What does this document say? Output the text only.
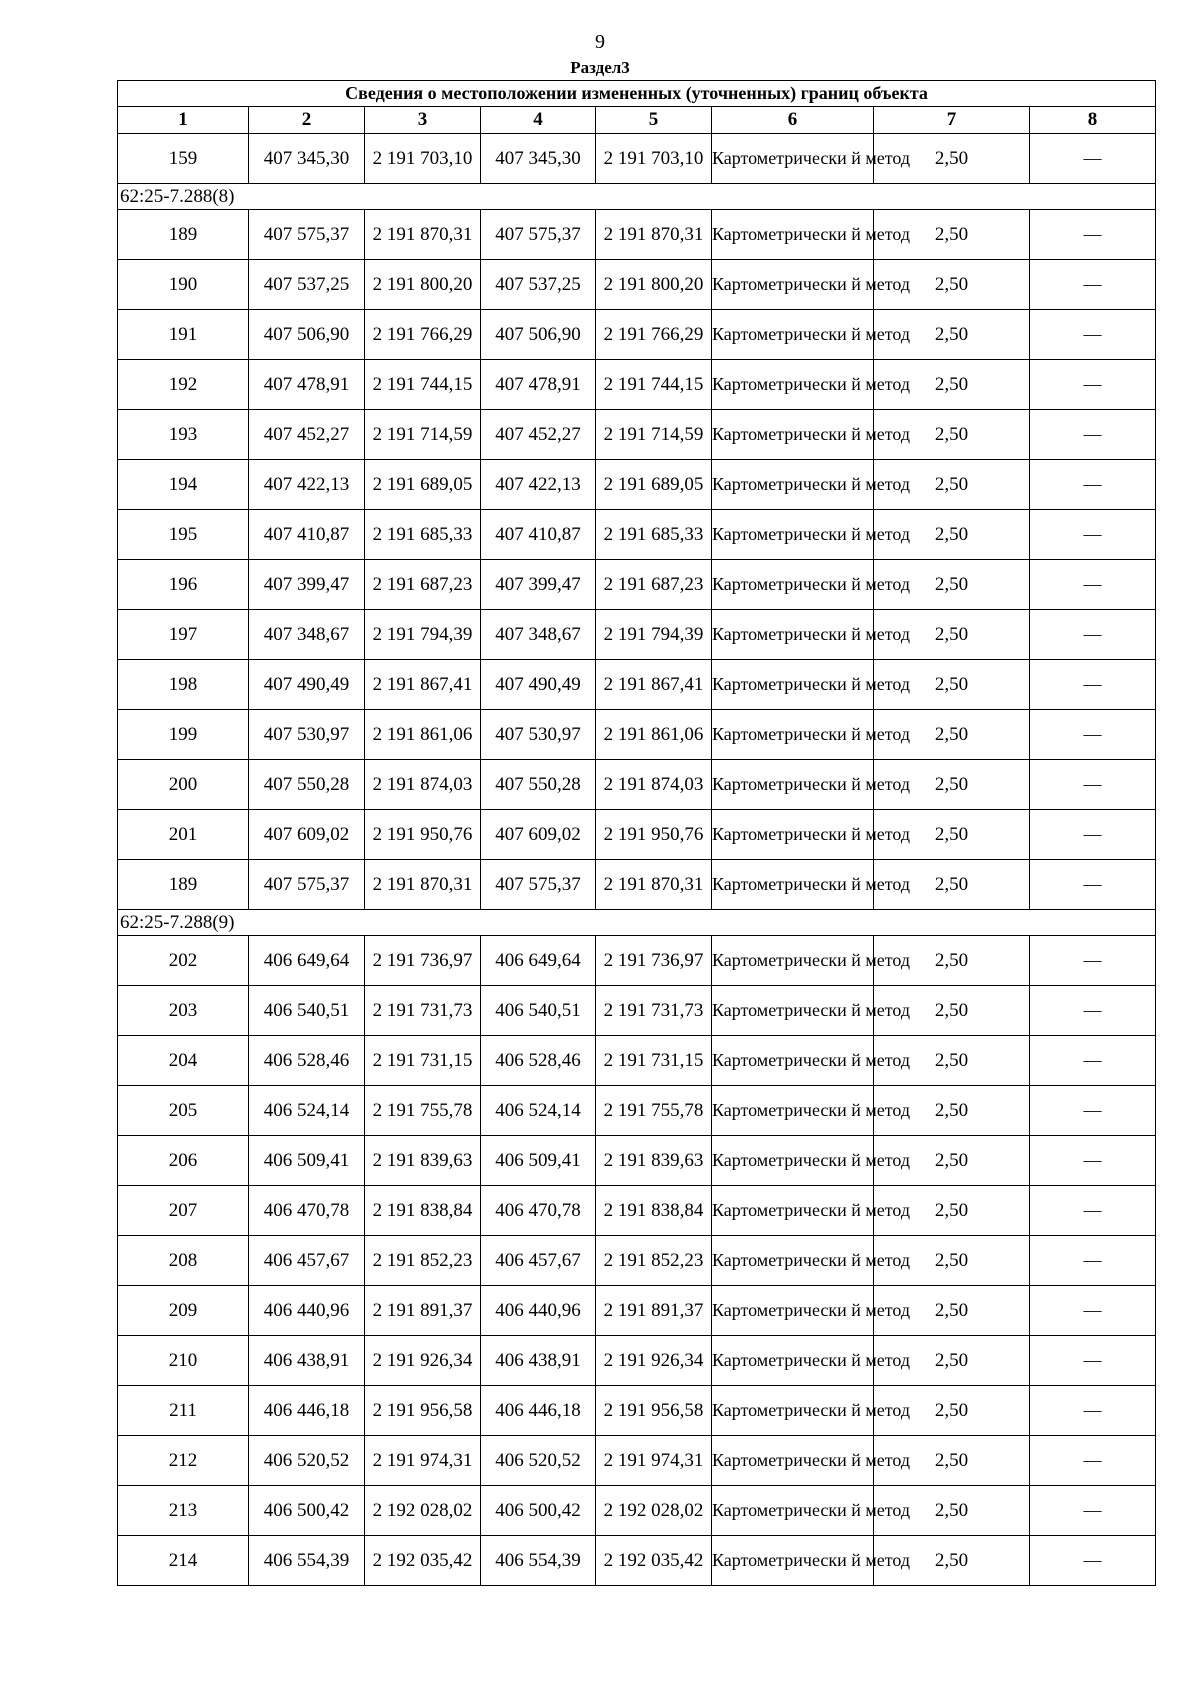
9
Раздел3
Сведения о местоположении измененных (уточненных) границ объекта							
1	2	3	4	5	6	7	8
159	407 345,30	2 191 703,10	407 345,30	2 191 703,10	Картометрически й метод	2,50	—
62:25-7.288(8)							
189	407 575,37	2 191 870,31	407 575,37	2 191 870,31	Картометрически й метод	2,50	—
190	407 537,25	2 191 800,20	407 537,25	2 191 800,20	Картометрически й метод	2,50	—
191	407 506,90	2 191 766,29	407 506,90	2 191 766,29	Картометрически й метод	2,50	—
192	407 478,91	2 191 744,15	407 478,91	2 191 744,15	Картометрически й метод	2,50	—
193	407 452,27	2 191 714,59	407 452,27	2 191 714,59	Картометрически й метод	2,50	—
194	407 422,13	2 191 689,05	407 422,13	2 191 689,05	Картометрически й метод	2,50	—
195	407 410,87	2 191 685,33	407 410,87	2 191 685,33	Картометрически й метод	2,50	—
196	407 399,47	2 191 687,23	407 399,47	2 191 687,23	Картометрически й метод	2,50	—
197	407 348,67	2 191 794,39	407 348,67	2 191 794,39	Картометрически й метод	2,50	—
198	407 490,49	2 191 867,41	407 490,49	2 191 867,41	Картометрически й метод	2,50	—
199	407 530,97	2 191 861,06	407 530,97	2 191 861,06	Картометрически й метод	2,50	—
200	407 550,28	2 191 874,03	407 550,28	2 191 874,03	Картометрически й метод	2,50	—
201	407 609,02	2 191 950,76	407 609,02	2 191 950,76	Картометрически й метод	2,50	—
189	407 575,37	2 191 870,31	407 575,37	2 191 870,31	Картометрически й метод	2,50	—
62:25-7.288(9)							
202	406 649,64	2 191 736,97	406 649,64	2 191 736,97	Картометрически й метод	2,50	—
203	406 540,51	2 191 731,73	406 540,51	2 191 731,73	Картометрически й метод	2,50	—
204	406 528,46	2 191 731,15	406 528,46	2 191 731,15	Картометрически й метод	2,50	—
205	406 524,14	2 191 755,78	406 524,14	2 191 755,78	Картометрически й метод	2,50	—
206	406 509,41	2 191 839,63	406 509,41	2 191 839,63	Картометрически й метод	2,50	—
207	406 470,78	2 191 838,84	406 470,78	2 191 838,84	Картометрически й метод	2,50	—
208	406 457,67	2 191 852,23	406 457,67	2 191 852,23	Картометрически й метод	2,50	—
209	406 440,96	2 191 891,37	406 440,96	2 191 891,37	Картометрически й метод	2,50	—
210	406 438,91	2 191 926,34	406 438,91	2 191 926,34	Картометрически й метод	2,50	—
211	406 446,18	2 191 956,58	406 446,18	2 191 956,58	Картометрически й метод	2,50	—
212	406 520,52	2 191 974,31	406 520,52	2 191 974,31	Картометрически й метод	2,50	—
213	406 500,42	2 192 028,02	406 500,42	2 192 028,02	Картометрически й метод	2,50	—
214	406 554,39	2 192 035,42	406 554,39	2 192 035,42	Картометрически й метод	2,50	—
